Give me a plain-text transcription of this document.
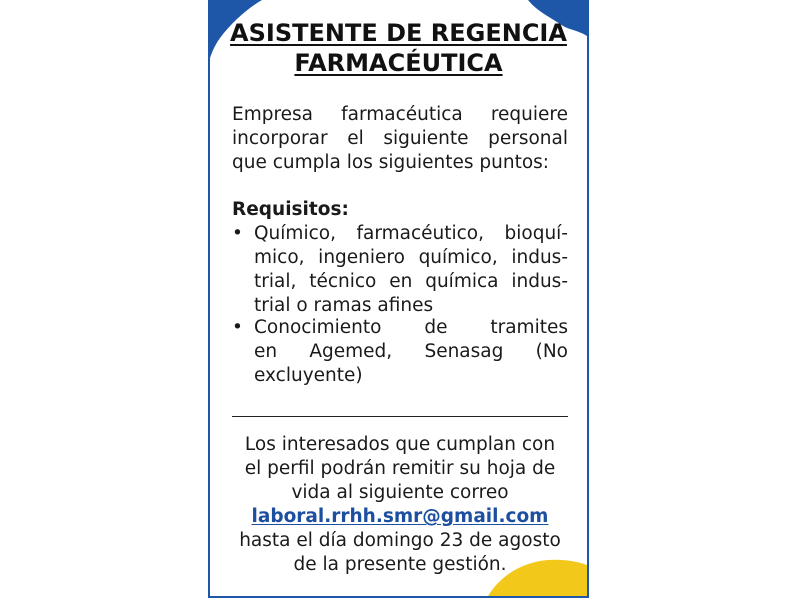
ASISTENTE DE REGENCIA
FARMACÉUTICA
Empresa farmacéutica requiere
incorporar el siguiente personal
que cumpla los siguientes puntos:
Requisitos:
• Químico, farmacéutico, bioquí-
mico, ingeniero químico, indus-
trial, técnico en química indus-
trial o ramas afines
• Conocimiento de tramites
en Agemed, Senasag (No
excluyente)
Los interesados que cumplan con
el perfil podrán remitir su hoja de
vida al siguiente correo
laboral.rrhh.smr@gmail.com
hasta el día domingo 23 de agosto
de la presente gestión.
